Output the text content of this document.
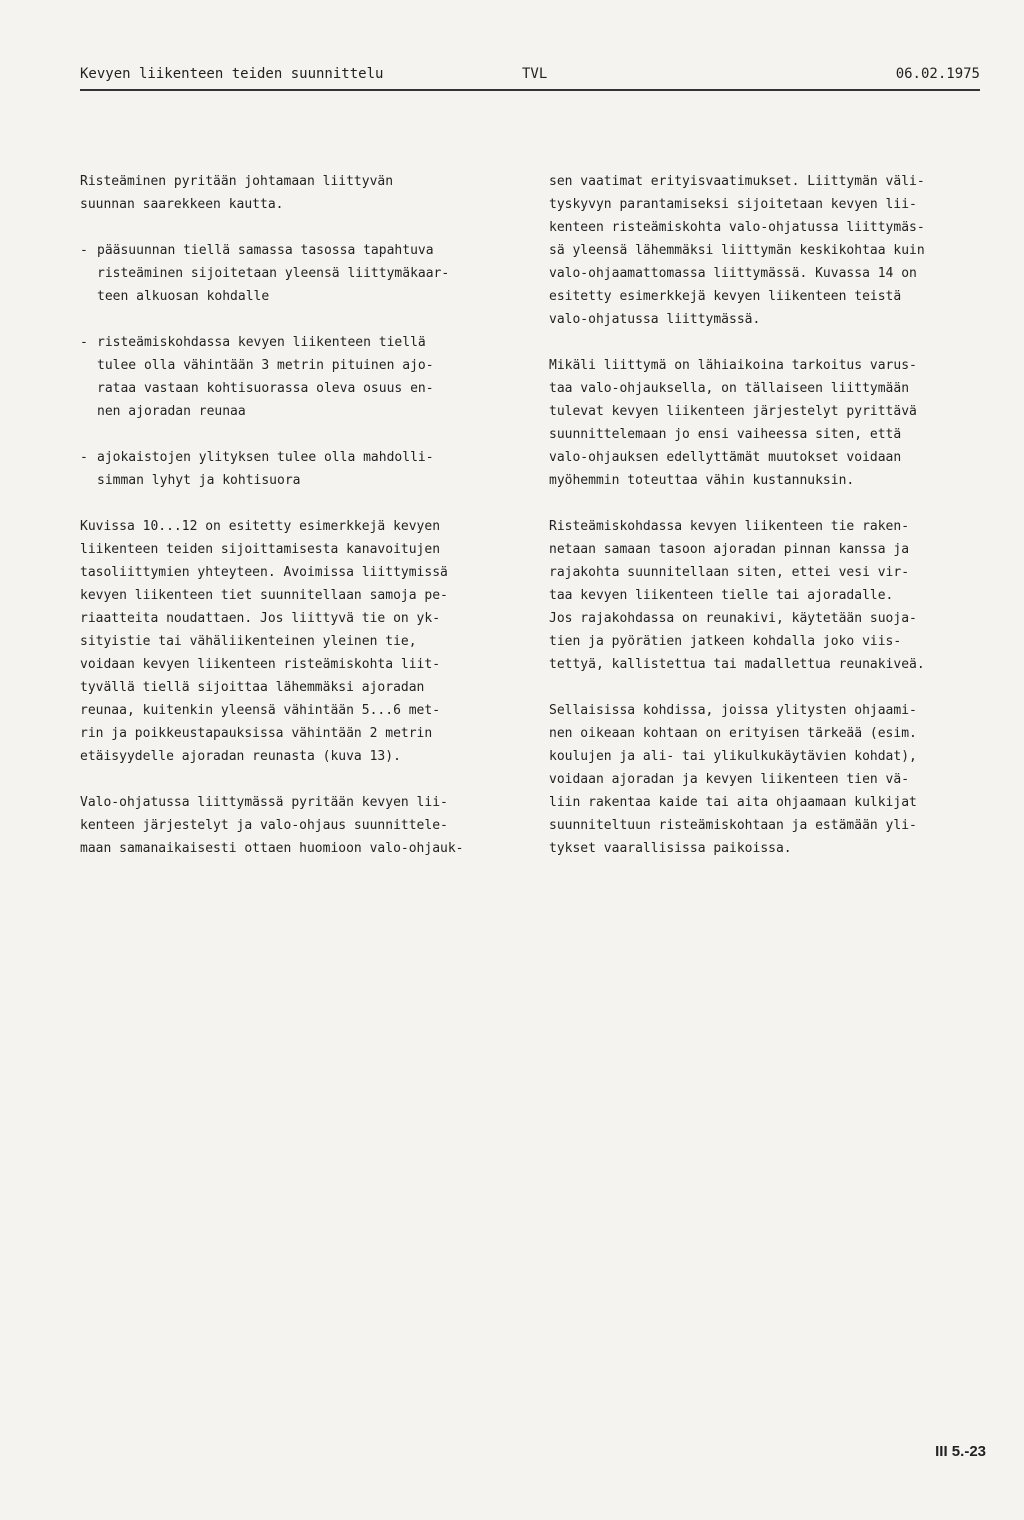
Kevyen liikenteen teiden suunnittelu	TVL	06.02.1975
Risteäminen pyritään johtamaan liittyvän
suunnan saarekkeen kautta.
- pääsuunnan tiellä samassa tasossa tapahtuva
risteäminen sijoitetaan yleensä liittymäkaar-
teen alkuosan kohdalle
- risteämiskohdassa kevyen liikenteen tiellä
tulee olla vähintään 3 metrin pituinen ajo-
rataa vastaan kohtisuorassa oleva osuus en-
nen ajoradan reunaa
- ajokaistojen ylityksen tulee olla mahdolli-
simman lyhyt ja kohtisuora
Kuvissa 10...12 on esitetty esimerkkejä kevyen
liikenteen teiden sijoittamisesta kanavoitujen
tasoliittymien yhteyteen. Avoimissa liittymissä
kevyen liikenteen tiet suunnitellaan samoja pe-
riaatteita noudattaen. Jos liittyvä tie on yk-
sityistie tai vähäliikenteinen yleinen tie,
voidaan kevyen liikenteen risteämiskohta liit-
tyvällä tiellä sijoittaa lähemmäksi ajoradan
reunaa, kuitenkin yleensä vähintään 5...6 met-
rin ja poikkeustapauksissa vähintään 2 metrin
etäisyydelle ajoradan reunasta (kuva 13).
Valo-ohjatussa liittymässä pyritään kevyen lii-
kenteen järjestelyt ja valo-ohjaus suunnittele-
maan samanaikaisesti ottaen huomioon valo-ohjauk-
sen vaatimat erityisvaatimukset. Liittymän väli-
tyskyvyn parantamiseksi sijoitetaan kevyen lii-
kenteen risteämiskohta valo-ohjatussa liittymäs-
sä yleensä lähemmäksi liittymän keskikohtaa kuin
valo-ohjaamattomassa liittymässä. Kuvassa 14 on
esitetty esimerkkejä kevyen liikenteen teistä
valo-ohjatussa liittymässä.
Mikäli liittymä on lähiaikoina tarkoitus varus-
taa valo-ohjauksella, on tällaiseen liittymään
tulevat kevyen liikenteen järjestelyt pyrittävä
suunnittelemaan jo ensi vaiheessa siten, että
valo-ohjauksen edellyttämät muutokset voidaan
myöhemmin toteuttaa vähin kustannuksin.
Risteämiskohdassa kevyen liikenteen tie raken-
netaan samaan tasoon ajoradan pinnan kanssa ja
rajakohta suunnitellaan siten, ettei vesi vir-
taa kevyen liikenteen tielle tai ajoradalle.
Jos rajakohdassa on reunakivi, käytetään suoja-
tien ja pyörätien jatkeen kohdalla joko viis-
tettyä, kallistettua tai madallettua reunakiveä.
Sellaisissa kohdissa, joissa ylitysten ohjaami-
nen oikeaan kohtaan on erityisen tärkeää (esim.
koulujen ja ali- tai ylikulkukäytävien kohdat),
voidaan ajoradan ja kevyen liikenteen tien vä-
liin rakentaa kaide tai aita ohjaamaan kulkijat
suunniteltuun risteämiskohtaan ja estämään yli-
tykset vaarallisissa paikoissa.
III 5.-23
